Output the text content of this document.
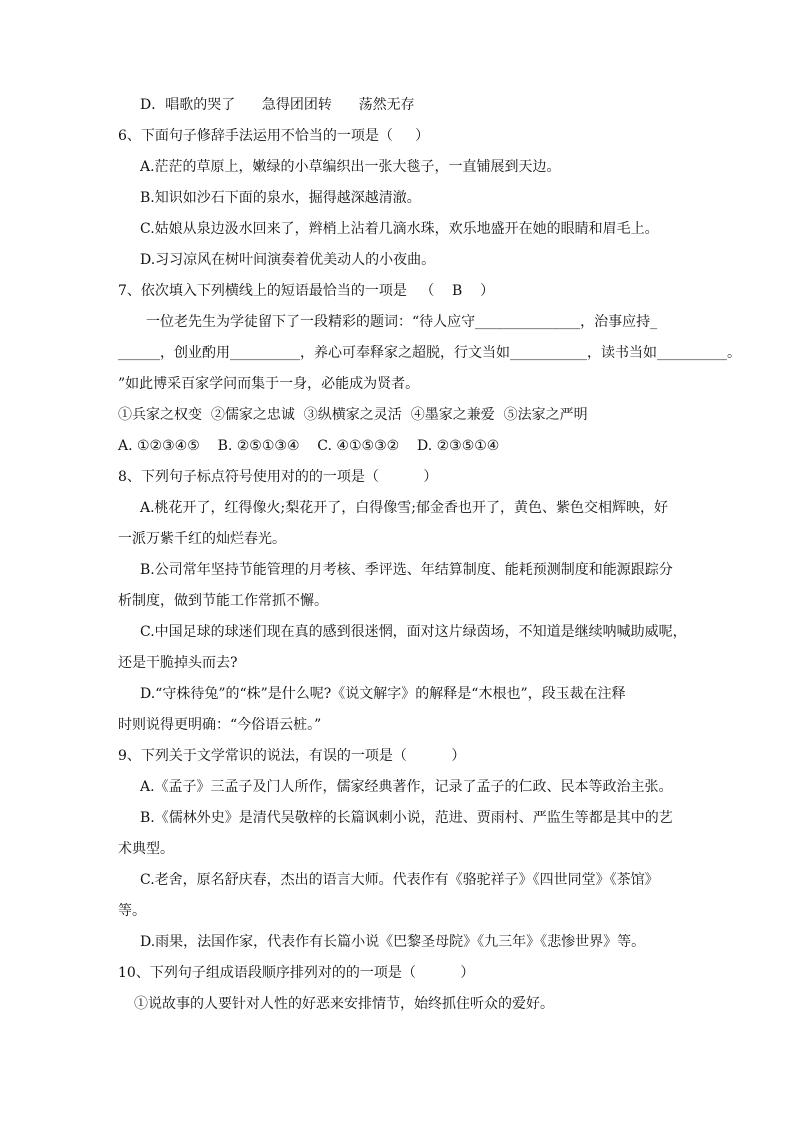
D．唱歌的哭了      急得团团转      荡然无存
6、下面句子修辞手法运用不恰当的一项是（     ）
A.茫茫的草原上，嫩绿的小草编织出一张大毯子，一直铺展到天边。
B.知识如沙石下面的泉水，掘得越深越清澈。
C.姑娘从泉边汲水回来了，辫梢上沾着几滴水珠，欢乐地盛开在她的眼睛和眉毛上。
D.习习凉风在树叶间演奏着优美动人的小夜曲。
7、依次填入下列横线上的短语最恰当的一项是   （    B    ）
一位老先生为学徒留下了一段精彩的题词：“待人应守_______________，治事应持_
______，创业酌用__________，养心可奉释家之超脱，行文当如___________，读书当如__________。
”如此博采百家学问而集于一身，必能成为贤者。
①兵家之权变  ②儒家之忠诚  ③纵横家之灵活  ④墨家之兼爱  ⑤法家之严明
A. ①②③④⑤    B. ②⑤①③④    C. ④①⑤③②    D. ②③⑤①④
8、下列句子标点符号使用对的的一项是（          ）
A.桃花开了，红得像火;梨花开了，白得像雪;郁金香也开了，黄色、紫色交相辉映，好
一派万紫千红的灿烂春光。
B.公司常年坚持节能管理的月考核、季评选、年结算制度、能耗预测制度和能源跟踪分
析制度，做到节能工作常抓不懈。
C.中国足球的球迷们现在真的感到很迷惘，面对这片绿茵场，不知道是继续呐喊助威呢，
还是干脆掉头而去?
D.“守株待兔”的“株”是什么呢?《说文解字》的解释是“木根也”，段玉裁在注释
时则说得更明确：“今俗语云桩。”
9、下列关于文学常识的说法，有误的一项是（          ）
A.《孟子》三孟子及门人所作，儒家经典著作，记录了孟子的仁政、民本等政治主张。
B.《儒林外史》是清代吴敬梓的长篇讽刺小说，范进、贾雨村、严监生等都是其中的艺
术典型。
C.老舍，原名舒庆春，杰出的语言大师。代表作有《骆驼祥子》《四世同堂》《茶馆》
等。
D.雨果，法国作家，代表作有长篇小说《巴黎圣母院》《九三年》《悲惨世界》等。
10、下列句子组成语段顺序排列对的的一项是（          ）
①说故事的人要针对人性的好恶来安排情节，始终抓住听众的爱好。
